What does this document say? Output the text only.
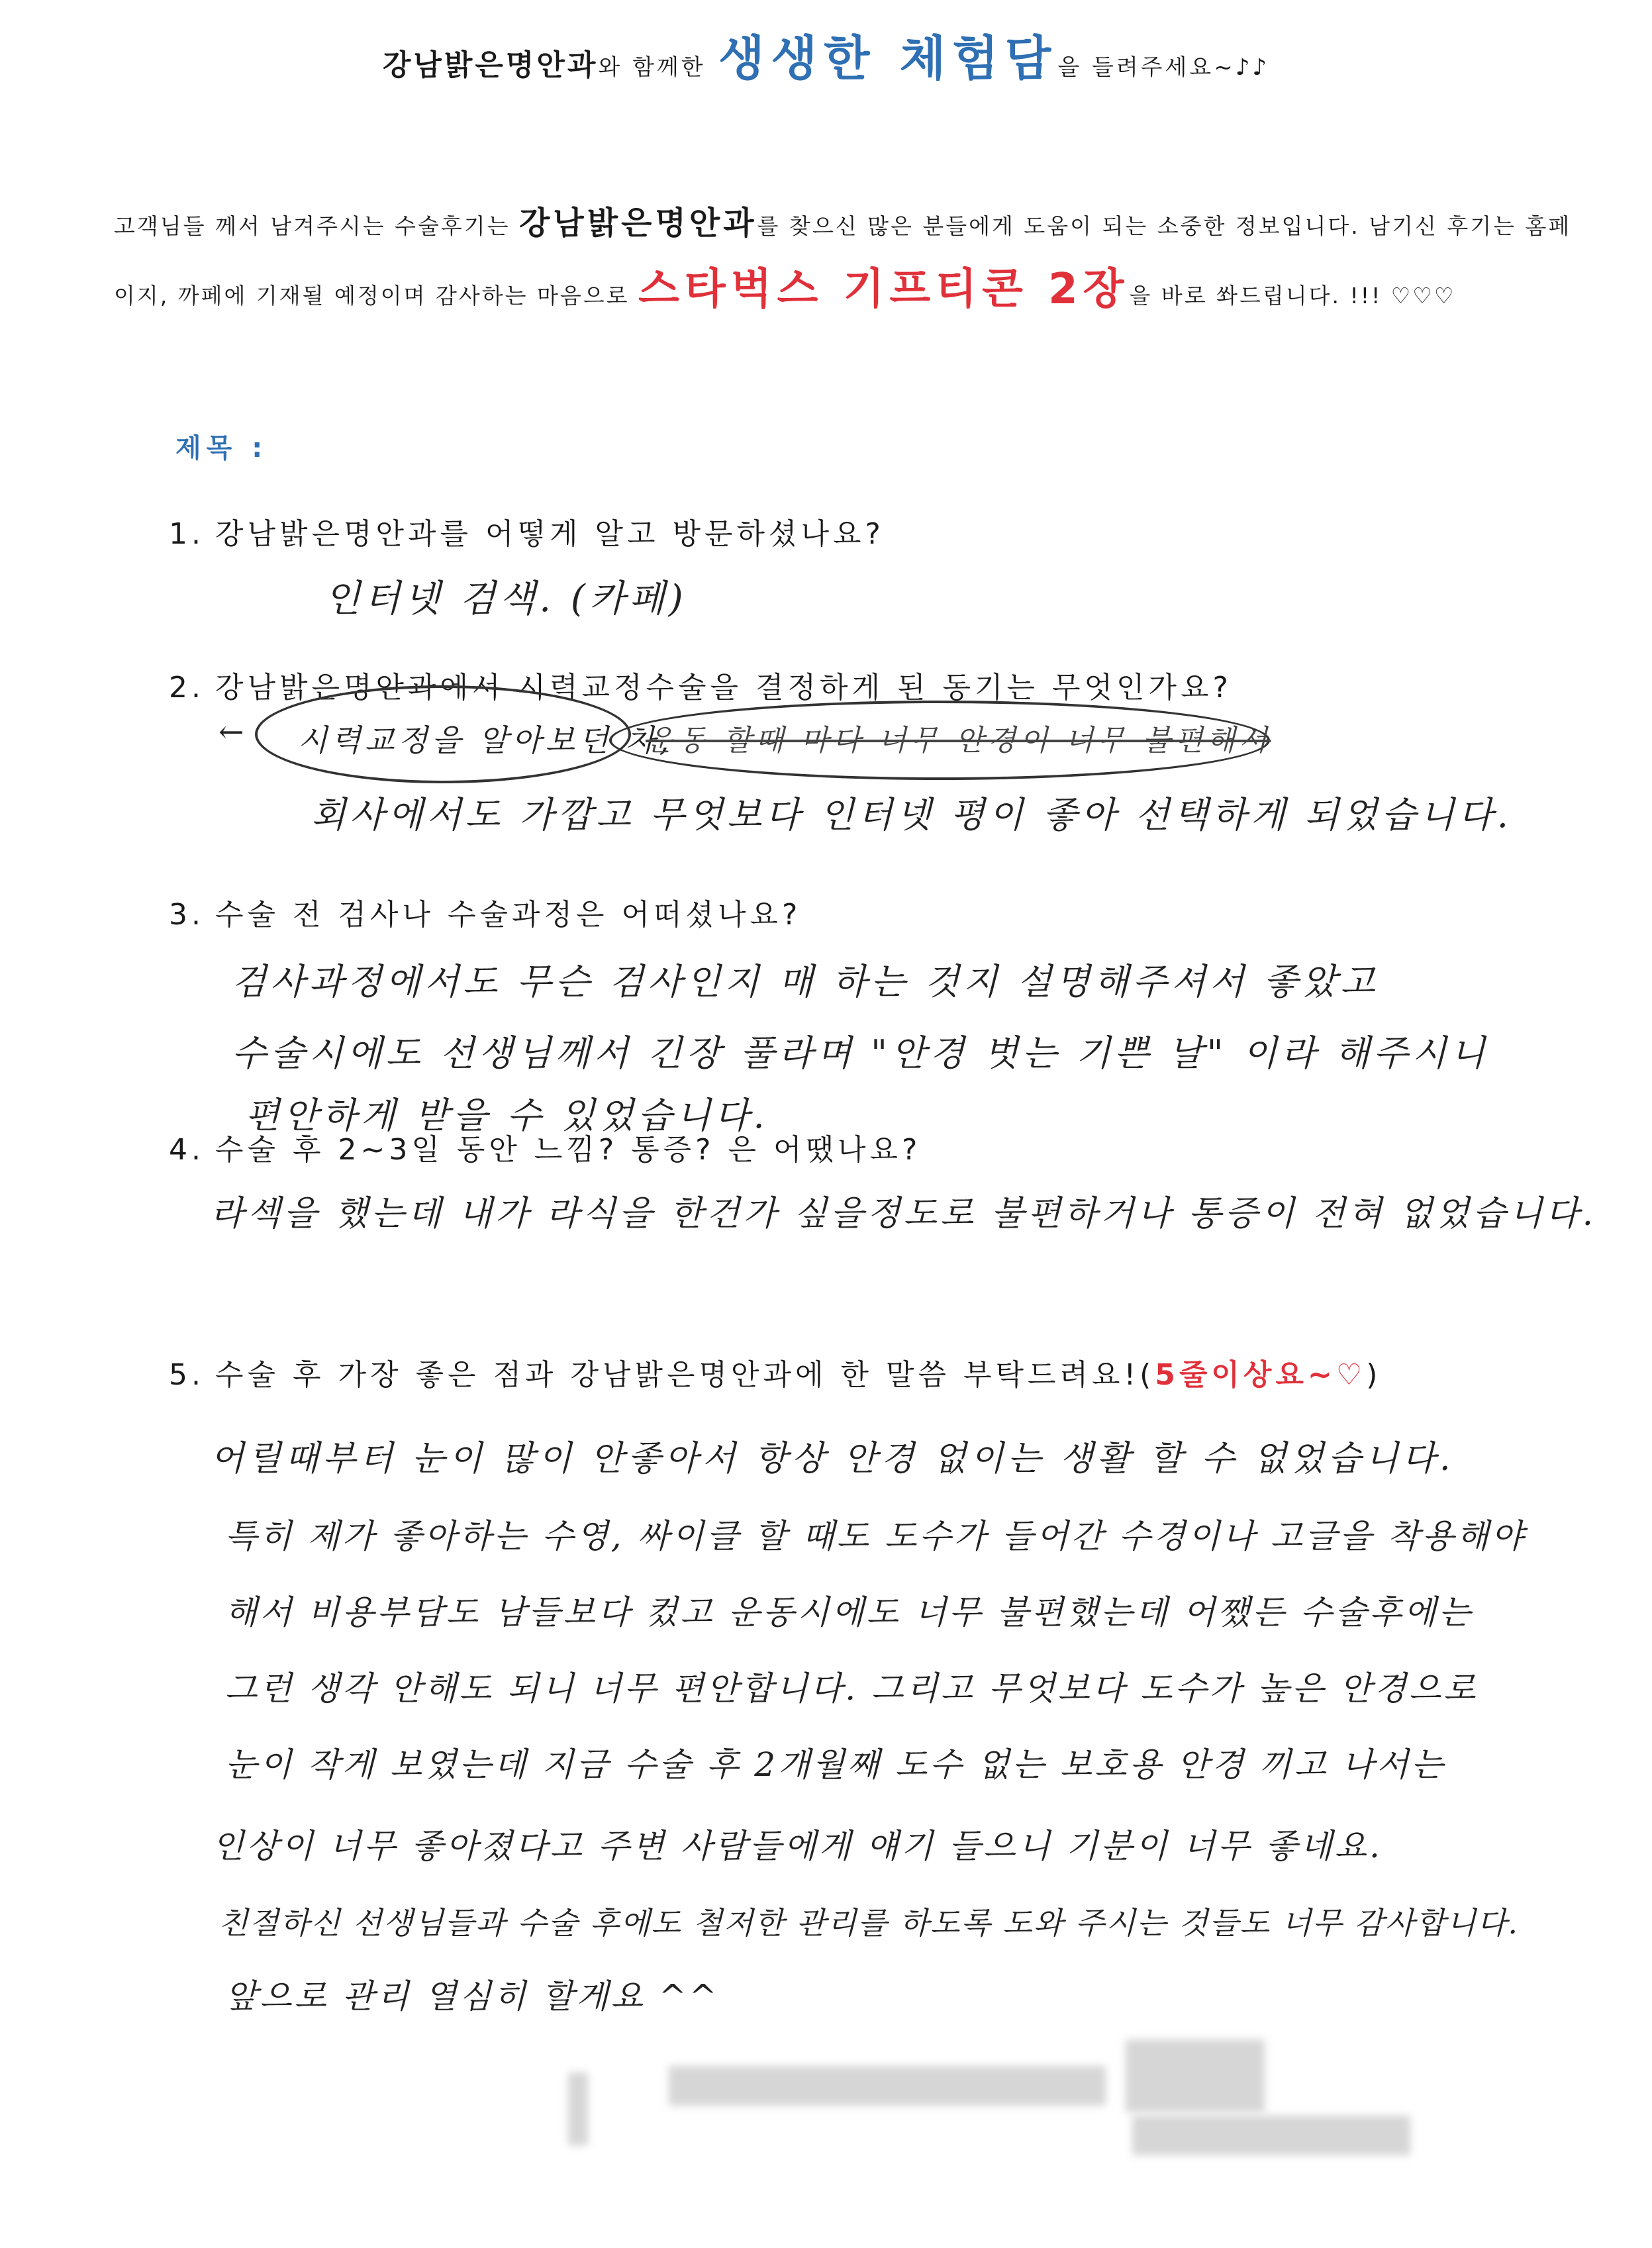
강남밝은명안과와 함께한 생생한 체험담을 들려주세요~♪♪
고객님들 께서 남겨주시는 수술후기는 강남밝은명안과를 찾으신 많은 분들에게 도움이 되는 소중한 정보입니다. 남기신 후기는 홈페
이지, 까페에 기재될 예정이며 감사하는 마음으로 스타벅스 기프티콘 2장을 바로 쏴드립니다. !!! ♡♡♡
제목 :
1. 강남밝은명안과를 어떻게 알고 방문하셨나요?
인터넷 검색. (카페)
2. 강남밝은명안과에서 시력교정수술을 결정하게 된 동기는 무엇인가요?
← 시력교정을 알아보던 차,
운동 할때 마다 너무 안경이 너무 불편해서
회사에서도 가깝고 무엇보다 인터넷 평이 좋아 선택하게 되었습니다.
3. 수술 전 검사나 수술과정은 어떠셨나요?
검사과정에서도 무슨 검사인지 매 하는 것지 설명해주셔서 좋았고
수술시에도 선생님께서 긴장 풀라며 "안경 벗는 기쁜 날" 이라 해주시니
편안하게 받을 수 있었습니다.
4. 수술 후 2~3일 동안 느낌? 통증? 은 어땠나요?
라섹을 했는데 내가 라식을 한건가 싶을정도로 불편하거나 통증이 전혀 없었습니다.
5. 수술 후 가장 좋은 점과 강남밝은명안과에 한 말씀 부탁드려요!(5줄이상요~♡)
어릴때부터 눈이 많이 안좋아서 항상 안경 없이는 생활 할 수 없었습니다.
특히 제가 좋아하는 수영, 싸이클 할 때도 도수가 들어간 수경이나 고글을 착용해야
해서 비용부담도 남들보다 컸고 운동시에도 너무 불편했는데 어쨌든 수술후에는
그런 생각 안해도 되니 너무 편안합니다. 그리고 무엇보다 도수가 높은 안경으로
눈이 작게 보였는데 지금 수술 후 2개월째 도수 없는 보호용 안경 끼고 나서는
인상이 너무 좋아졌다고 주변 사람들에게 얘기 들으니 기분이 너무 좋네요.
친절하신 선생님들과 수술 후에도 철저한 관리를 하도록 도와 주시는 것들도 너무 감사합니다.
앞으로 관리 열심히 할게요 ^^
